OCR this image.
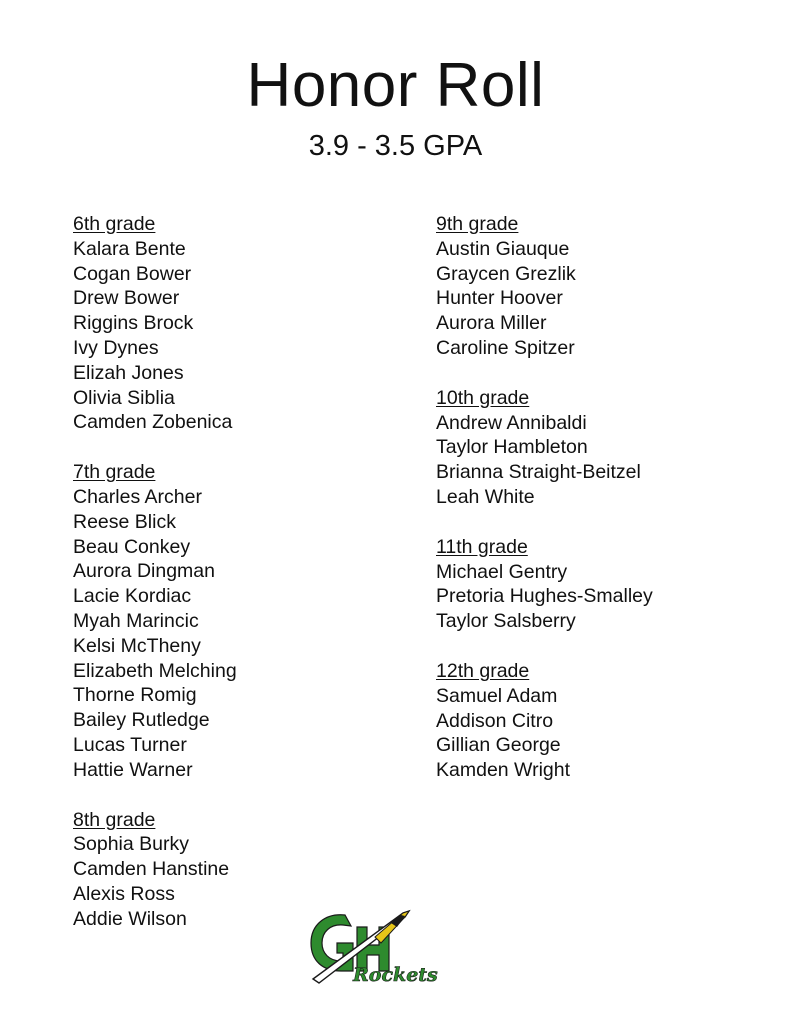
Honor Roll
3.9 - 3.5 GPA
6th grade
Kalara Bente
Cogan Bower
Drew Bower
Riggins Brock
Ivy Dynes
Elizah Jones
Olivia Siblia
Camden Zobenica
7th grade
Charles Archer
Reese Blick
Beau Conkey
Aurora Dingman
Lacie Kordiac
Myah Marincic
Kelsi McTheny
Elizabeth Melching
Thorne Romig
Bailey Rutledge
Lucas Turner
Hattie Warner
8th grade
Sophia Burky
Camden Hanstine
Alexis Ross
Addie Wilson
9th grade
Austin Giauque
Graycen Grezlik
Hunter Hoover
Aurora Miller
Caroline Spitzer
10th grade
Andrew Annibaldi
Taylor Hambleton
Brianna Straight-Beitzel
Leah White
11th grade
Michael Gentry
Pretoria Hughes-Smalley
Taylor Salsberry
12th grade
Samuel Adam
Addison Citro
Gillian George
Kamden Wright
Rockets
